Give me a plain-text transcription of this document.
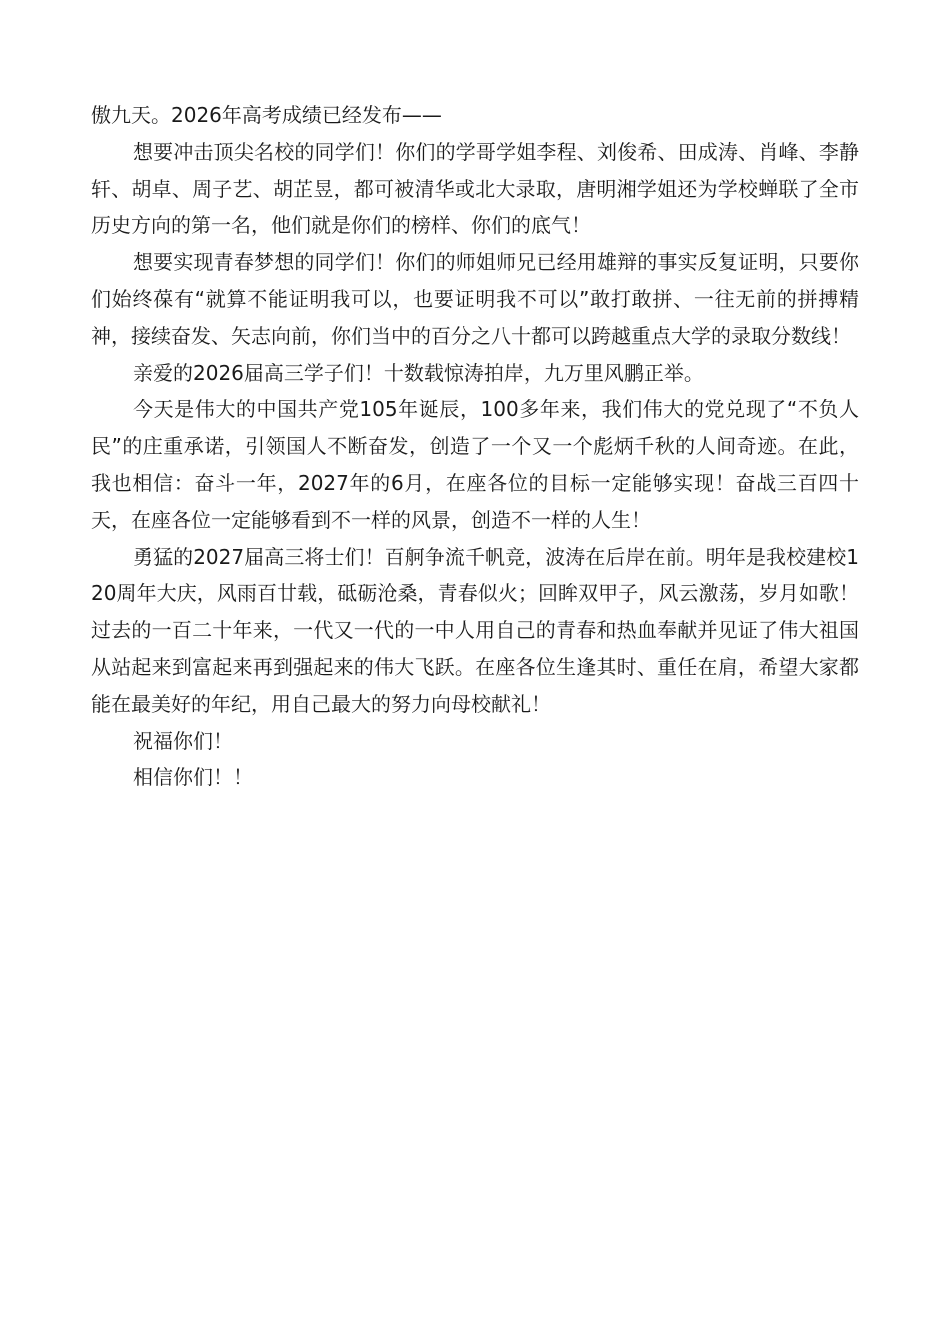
傲九天。2026年高考成绩已经发布——

想要冲击顶尖名校的同学们！你们的学哥学姐李程、刘俊希、田成涛、肖峰、李静轩、胡卓、周子艺、胡芷昱，都可被清华或北大录取，唐明湘学姐还为学校蝉联了全市历史方向的第一名，他们就是你们的榜样、你们的底气！

想要实现青春梦想的同学们！你们的师姐师兄已经用雄辩的事实反复证明，只要你们始终葆有“就算不能证明我可以，也要证明我不可以”敢打敢拼、一往无前的拼搏精神，接续奋发、矢志向前，你们当中的百分之八十都可以跨越重点大学的录取分数线！

亲爱的2026届高三学子们！十数载惊涛拍岸，九万里风鹏正举。

今天是伟大的中国共产党105年诞辰，100多年来，我们伟大的党兑现了“不负人民”的庄重承诺，引领国人不断奋发，创造了一个又一个彪炳千秋的人间奇迹。在此，我也相信：奋斗一年，2027年的6月，在座各位的目标一定能够实现！奋战三百四十天，在座各位一定能够看到不一样的风景，创造不一样的人生！

勇猛的2027届高三将士们！百舸争流千帆竞，波涛在后岸在前。明年是我校建校120周年大庆，风雨百廿载，砥砺沧桑，青春似火；回眸双甲子，风云激荡，岁月如歌！过去的一百二十年来，一代又一代的一中人用自己的青春和热血奉献并见证了伟大祖国从站起来到富起来再到强起来的伟大飞跃。在座各位生逢其时、重任在肩，希望大家都能在最美好的年纪，用自己最大的努力向母校献礼！

祝福你们！

相信你们！！
